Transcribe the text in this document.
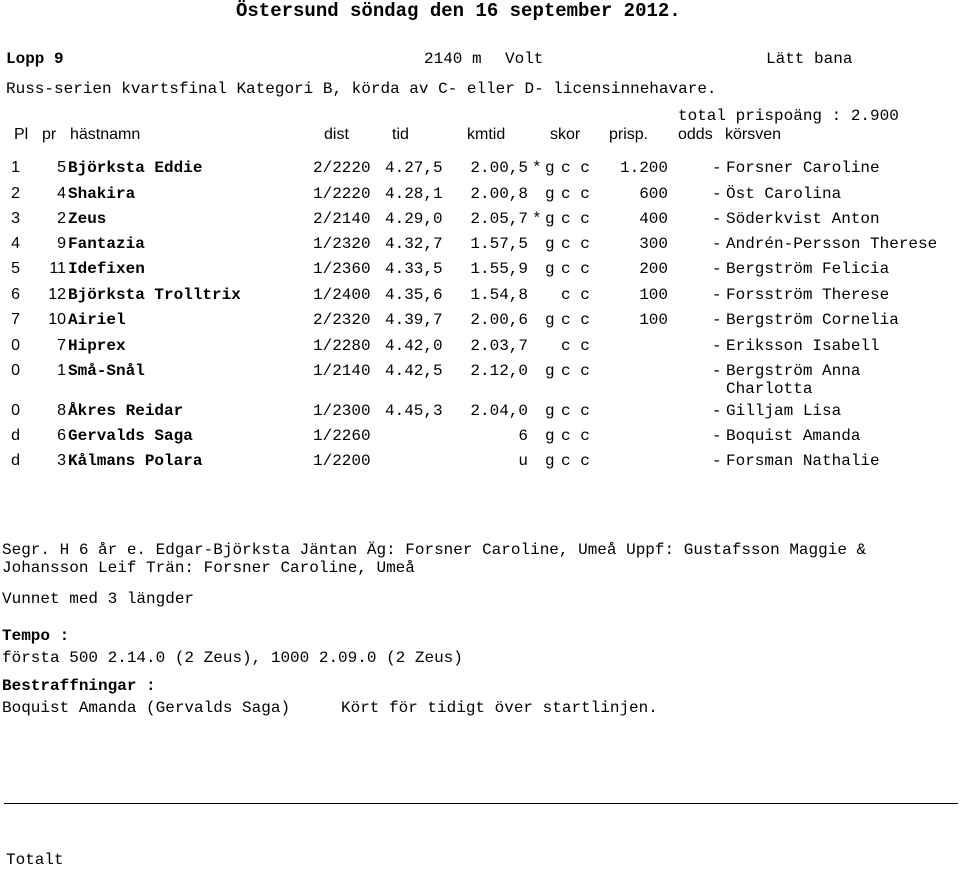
Östersund söndag den 16 september 2012.
Lopp 9	2140 m Volt	Lätt bana
Russ-serien kvartsfinal Kategori B, körda av C- eller D- licensinnehavare.
total prispoäng : 2.900
Pl pr hästnamn	dist	tid	kmtid	skor prisp. odds körsven
1	5 Björksta Eddie	2/2220 4.27,5	2.00,5 * g c c	1.200	- Forsner Caroline
2	4 Shakira	1/2220 4.28,1	2.00,8 g c c	600	- Öst Carolina
3	2 Zeus	2/2140 4.29,0	2.05,7 * g c c	400	- Söderkvist Anton
4	9 Fantazia	1/2320 4.32,7	1.57,5 g c c	300	- Andrén-Persson Therese
5	11 Idefixen	1/2360 4.33,5	1.55,9 g c c	200	- Bergström Felicia
6	12 Björksta Trolltrix	1/2400 4.35,6	1.54,8 c c	100	- Forsström Therese
7	10 Airiel	2/2320 4.39,7	2.00,6 g c c	100	- Bergström Cornelia
0	7 Hiprex	1/2280 4.42,0	2.03,7 c c	- Eriksson Isabell
0	1 Små-Snål	1/2140 4.42,5	2.12,0 g c c	- Bergström Anna
Charlotta
0	8 Åkres Reidar	1/2300 4.45,3	2.04,0 g c c	- Gilljam Lisa
d	6 Gervalds Saga	1/2260	6 g c c	- Boquist Amanda
d	3 Kålmans Polara	1/2200	u g c c	- Forsman Nathalie
Segr. H 6 år e. Edgar-Björksta Jäntan Äg: Forsner Caroline, Umeå Uppf: Gustafsson Maggie &
Johansson Leif Trän: Forsner Caroline, Umeå
Vunnet med 3 längder
Tempo :
första 500 2.14.0 (2 Zeus), 1000 2.09.0 (2 Zeus)
Bestraffningar :
Boquist Amanda (Gervalds Saga)	Kört för tidigt över startlinjen.
Totalt
